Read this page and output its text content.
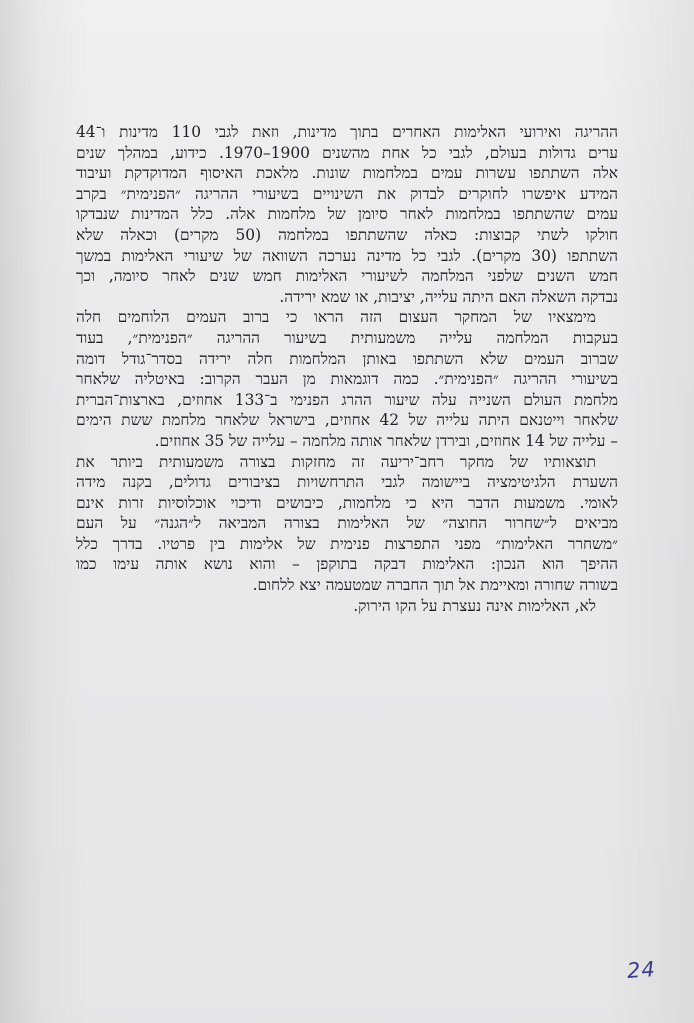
ההריגה ואירועי האלימות האחרים בתוך מדינות, וזאת לגבי 110 מדינות ו־44
ערים גדולות בעולם, לגבי כל אחת מהשנים 1900–1970. כידוע, במהלך שנים
אלה השתתפו עשרות עמים במלחמות שונות. מלאכת האיסוף המדוקדקת ועיבוד
המידע איפשרו לחוקרים לבדוק את השינויים בשיעורי ההריגה ״הפנימית״ בקרב
עמים שהשתתפו במלחמות לאחר סיומן של מלחמות אלה. כלל המדינות שנבדקו
חולקו לשתי קבוצות: כאלה שהשתתפו במלחמה (50 מקרים) וכאלה שלא
השתתפו (30 מקרים). לגבי כל מדינה נערכה השוואה של שיעורי האלימות במשך
חמש השנים שלפני המלחמה לשיעורי האלימות חמש שנים לאחר סיומה, וכך
נבדקה השאלה האם היתה עלייה, יציבות, או שמא ירידה.
מימצאיו של המחקר העצום הזה הראו כי ברוב העמים הלוחמים חלה
בעקבות המלחמה עלייה משמעותית בשיעור ההריגה ״הפנימית״, בעוד
שברוב העמים שלא השתתפו באותן המלחמות חלה ירידה בסדר־גודל דומה
בשיעורי ההריגה ״הפנימית״. כמה דוגמאות מן העבר הקרוב: באיטליה שלאחר
מלחמת העולם השנייה עלה שיעור ההרג הפנימי ב־133 אחוזים, בארצות־הברית
שלאחר וייטנאם היתה עלייה של 42 אחוזים, בישראל שלאחר מלחמת ששת הימים
– עלייה של 14 אחוזים, ובירדן שלאחר אותה מלחמה – עלייה של 35 אחוזים.
תוצאותיו של מחקר רחב־יריעה זה מחזקות בצורה משמעותית ביותר את
השערת הלגיטימציה ביישומה לגבי התרחשויות בציבורים גדולים, בקנה מידה
לאומי. משמעות הדבר היא כי מלחמות, כיבושים ודיכוי אוכלוסיות זרות אינם
מביאים ל״שחרור החוצה״ של האלימות בצורה המביאה ל״הגנה״ על העם
״משחרר האלימות״ מפני התפרצות פנימית של אלימות בין פרטיו. בדרך כלל
ההיפך הוא הנכון: האלימות דבקה בתוקפן – והוא נושא אותה עימו כמו
בשורה שחורה ומאיימת אל תוך החברה שמטעמה יצא ללחום.
לא, האלימות אינה נעצרת על הקו הירוק.
24
